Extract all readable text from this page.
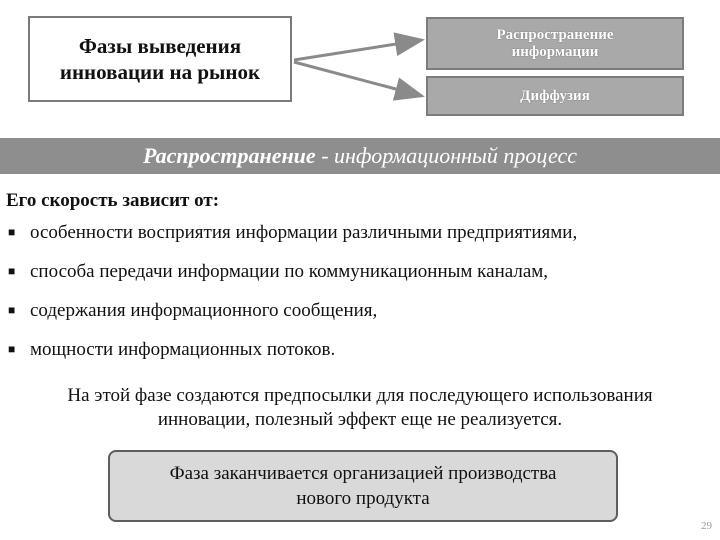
Фазы выведения
инновации на рынок
Распространение
информации
Диффузия
Распространение
- информационный процесс
Его скорость зависит от:
■ особенности восприятия информации различными предприятиями,
■ способа передачи информации по коммуникационным каналам,
■ содержания информационного сообщения,
■ мощности информационных потоков.
На этой фазе создаются предпосылки для последующего использования
инновации, полезный эффект еще не реализуется.
Фаза заканчивается организацией производства
нового продукта
29
